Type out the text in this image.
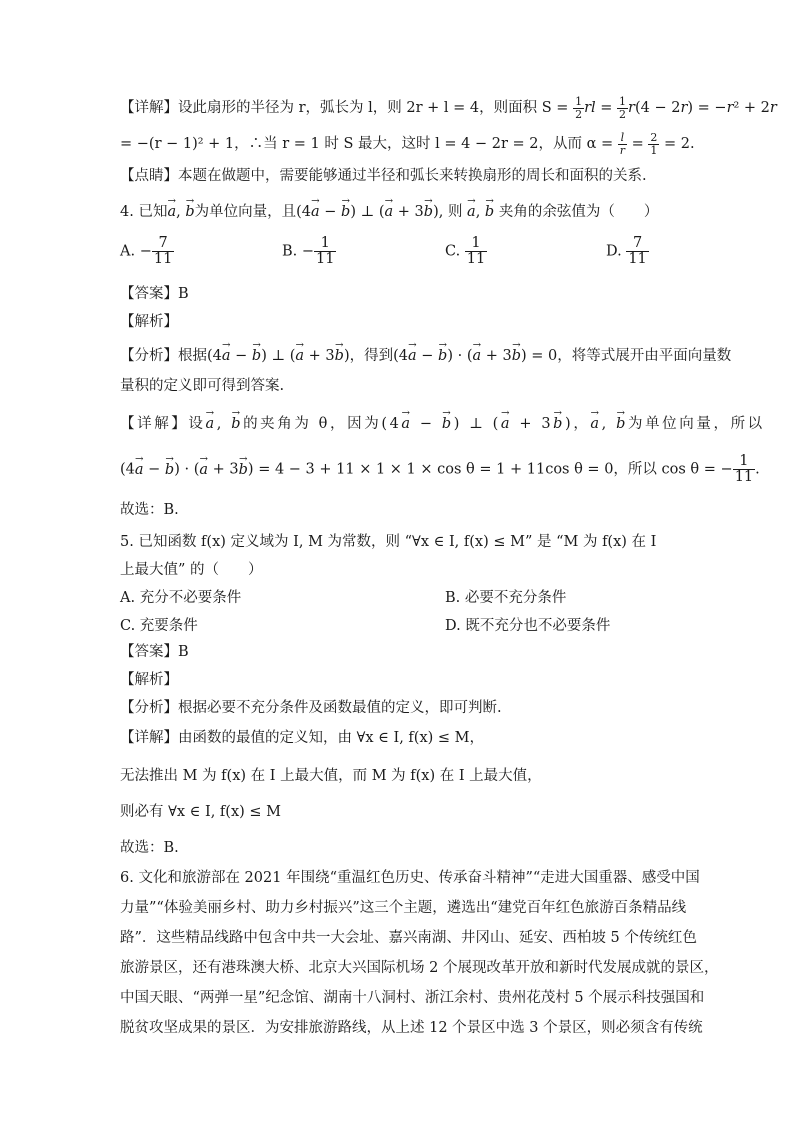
【详解】设此扇形的半径为 r，弧长为 l，则 2r + l = 4，则面积 $S = \frac{1}{2}$ rl = $\frac{1}{2} r(4 - 2r) = -r^2 + 2r$
= −(r − 1)² + 1，∴当 r = 1 时 S 最大，这时 l = 4 − 2r = 2，从而 $\alpha = \frac{l}{r} = \frac{2}{1} = 2$.
【点睛】本题在做题中，需要能够通过半径和弧长来转换扇形的周长和面积的关系.
4. 已知→ a, → b为单位向量，且(4→ a − → b) ⊥ (→ a + 3→ b), 则 → a, → b 夹角的余弦值为（　　）
A. − $\frac{7}{11}$	B. − $\frac{1}{11}$	C. $\frac{1}{11}$	D. $\frac{7}{11}$
【答案】B
【解析】
【分析】根据(4→ a − → b) ⊥ (→ a + 3→ b)，得到(4→ a − → b) · (→ a + 3→ b) = 0，将等式展开由平面向量数
量积的定义即可得到答案.
【详解】设→ a, → b的夹角为 θ，因为(4→ a − → b) ⊥ (→ a + 3→ b)，→ a, → b为单位向量，所以
(4→ a − → b) · (→ a + 3→ b) = 4 − 3 + 11 × 1 × 1 × cos θ = 1 + 11cos θ = 0，所以 cos θ = − $\frac{1}{11}$ .
故选：B.
5. 已知函数 f(x) 定义域为 I, M 为常数，则 “∀x ∈ I, f(x) ≤ M” 是 “M 为 f(x) 在 I
上最大值” 的（　　）
A. 充分不必要条件	B. 必要不充分条件
C. 充要条件	D. 既不充分也不必要条件
【答案】B
【解析】
【分析】根据必要不充分条件及函数最值的定义，即可判断.
【详解】由函数的最值的定义知，由 ∀x ∈ I, f(x) ≤ M，
无法推出 M 为 f(x) 在 I 上最大值，而 M 为 f(x) 在 I 上最大值，
则必有 ∀x ∈ I, f(x) ≤ M
故选：B.
6. 文化和旅游部在 2021 年围绕“重温红色历史、传承奋斗精神”“走进大国重器、感受中国
力量”“体验美丽乡村、助力乡村振兴”这三个主题，遴选出“建党百年红色旅游百条精品线
路”．这些精品线路中包含中共一大会址、嘉兴南湖、井冈山、延安、西柏坡 5 个传统红色
旅游景区，还有港珠澳大桥、北京大兴国际机场 2 个展现改革开放和新时代发展成就的景区，
中国天眼、“两弹一星”纪念馆、湖南十八洞村、浙江余村、贵州花茂村 5 个展示科技强国和
脱贫攻坚成果的景区．为安排旅游路线，从上述 12 个景区中选 3 个景区，则必须含有传统
